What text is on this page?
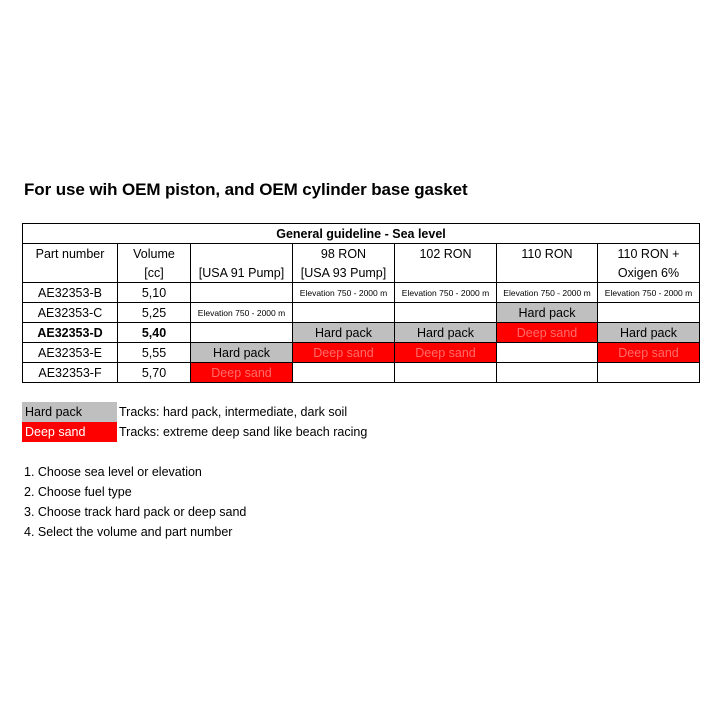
For use wih OEM piston, and OEM cylinder base gasket
General guideline - Sea level						
Part number	Volume		98 RON	102 RON	110 RON	110 RON +
	[cc]	[USA 91 Pump]	[USA 93 Pump]			Oxigen 6%
AE32353-B	5,10		Elevation 750 - 2000 m	Elevation 750 - 2000 m	Elevation 750 - 2000 m	Elevation 750 - 2000 m
AE32353-C	5,25	Elevation 750 - 2000 m			Hard pack	
AE32353-D	5,40		Hard pack	Hard pack	Deep sand	Hard pack
AE32353-E	5,55	Hard pack	Deep sand	Deep sand		Deep sand
AE32353-F	5,70	Deep sand				
Hard pack	Tracks: hard pack, intermediate, dark soil
Deep sand	Tracks: extreme deep sand like beach racing
1. Choose sea level or elevation
2. Choose fuel type
3. Choose track hard pack or deep sand
4. Select the volume and part number
